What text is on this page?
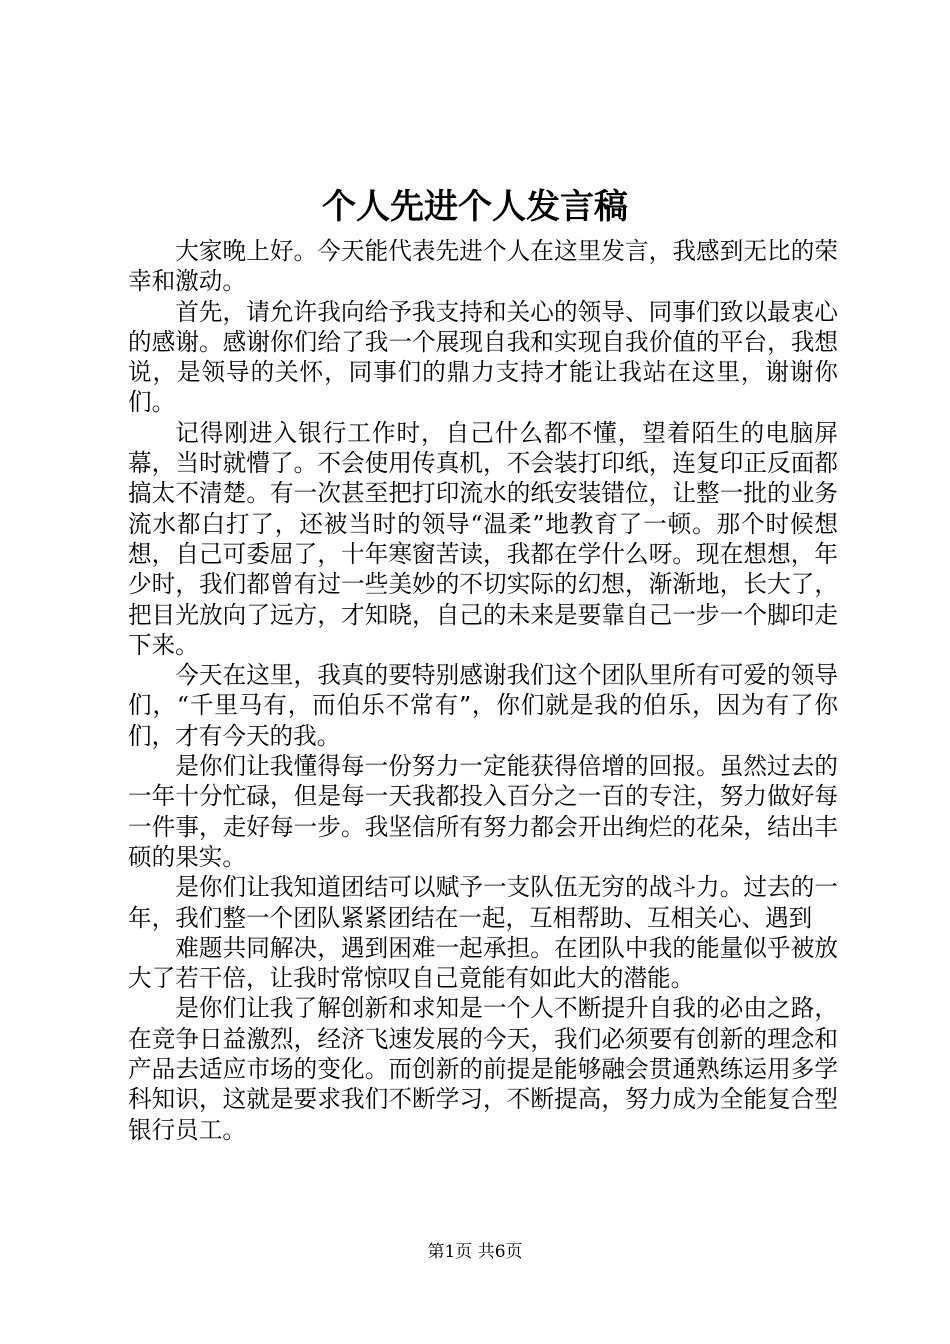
个人先进个人发言稿

大家晚上好。今天能代表先进个人在这里发言，我感到无比的荣幸和激动。

首先，请允许我向给予我支持和关心的领导、同事们致以最衷心的感谢。感谢你们给了我一个展现自我和实现自我价值的平台，我想说，是领导的关怀，同事们的鼎力支持才能让我站在这里，谢谢你们。

记得刚进入银行工作时，自己什么都不懂，望着陌生的电脑屏幕，当时就懵了。不会使用传真机，不会装打印纸，连复印正反面都搞太不清楚。有一次甚至把打印流水的纸安装错位，让整一批的业务流水都白打了，还被当时的领导“温柔”地教育了一顿。那个时候想想，自己可委屈了，十年寒窗苦读，我都在学什么呀。现在想想，年少时，我们都曾有过一些美妙的不切实际的幻想，渐渐地，长大了，把目光放向了远方，才知晓，自己的未来是要靠自己一步一个脚印走下来。

今天在这里，我真的要特别感谢我们这个团队里所有可爱的领导们，“千里马有，而伯乐不常有”，你们就是我的伯乐，因为有了你们，才有今天的我。

是你们让我懂得每一份努力一定能获得倍增的回报。虽然过去的一年十分忙碌，但是每一天我都投入百分之一百的专注，努力做好每一件事，走好每一步。我坚信所有努力都会开出绚烂的花朵，结出丰硕的果实。

是你们让我知道团结可以赋予一支队伍无穷的战斗力。过去的一年，我们整一个团队紧紧团结在一起，互相帮助、互相关心、遇到

难题共同解决，遇到困难一起承担。在团队中我的能量似乎被放大了若干倍，让我时常惊叹自己竟能有如此大的潜能。

是你们让我了解创新和求知是一个人不断提升自我的必由之路，在竞争日益激烈，经济飞速发展的今天，我们必须要有创新的理念和产品去适应市场的变化。而创新的前提是能够融会贯通熟练运用多学科知识，这就是要求我们不断学习，不断提高，努力成为全能复合型银行员工。

第1页 共6页
